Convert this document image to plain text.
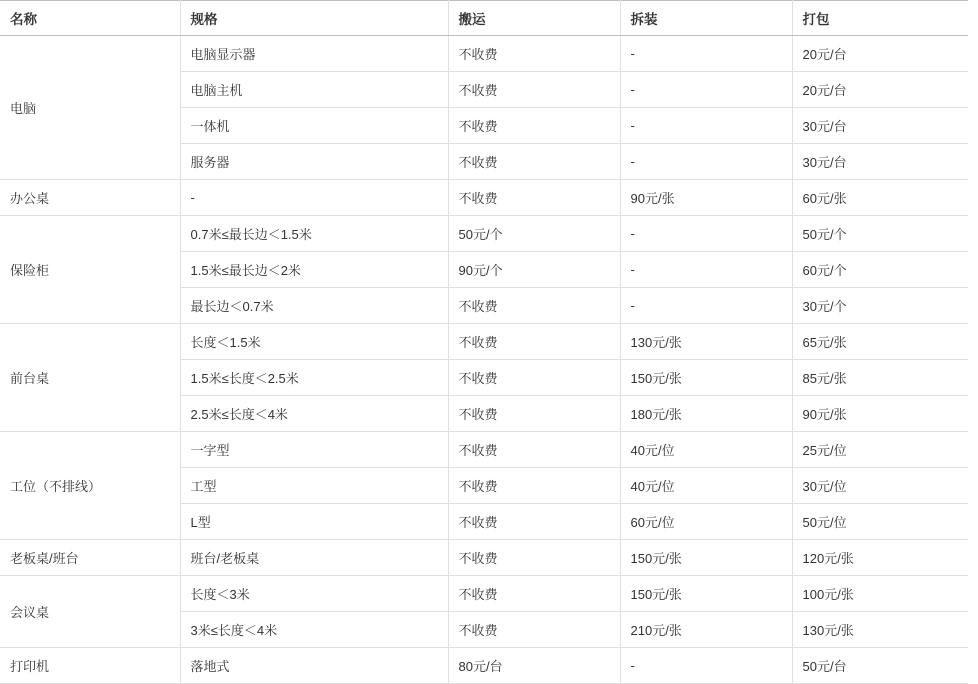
名称	规格	搬运	拆装	打包
电脑	电脑显示器	不收费	-	20元/台
	电脑主机	不收费	-	20元/台
	一体机	不收费	-	30元/台
	服务器	不收费	-	30元/台
办公桌	-	不收费	90元/张	60元/张
保险柜	0.7米≤最长边＜1.5米	50元/个	-	50元/个
	1.5米≤最长边＜2米	90元/个	-	60元/个
	最长边＜0.7米	不收费	-	30元/个
前台桌	长度＜1.5米	不收费	130元/张	65元/张
	1.5米≤长度＜2.5米	不收费	150元/张	85元/张
	2.5米≤长度＜4米	不收费	180元/张	90元/张
工位（不排线）	一字型	不收费	40元/位	25元/位
	工型	不收费	40元/位	30元/位
	L型	不收费	60元/位	50元/位
老板桌/班台	班台/老板桌	不收费	150元/张	120元/张
会议桌	长度＜3米	不收费	150元/张	100元/张
	3米≤长度＜4米	不收费	210元/张	130元/张
打印机	落地式	80元/台	-	50元/台
